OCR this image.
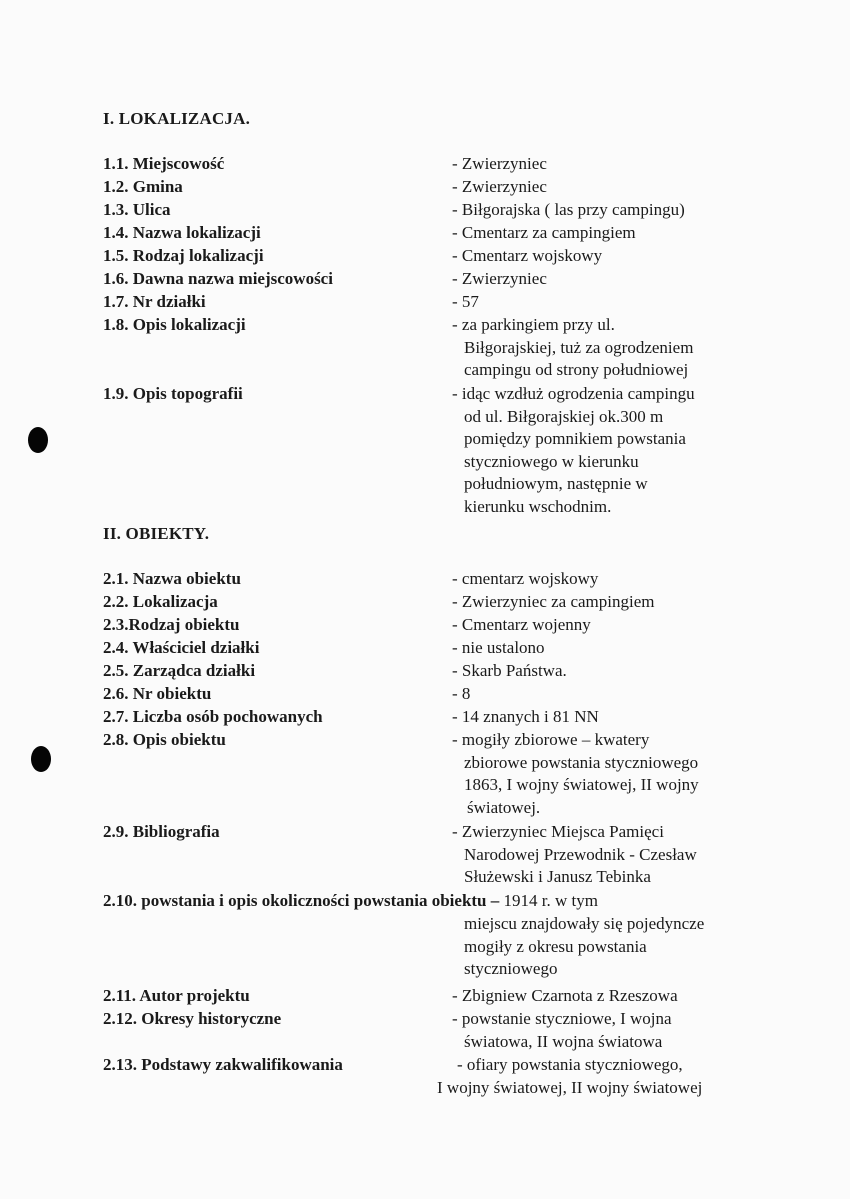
I. LOKALIZACJA.
1.1. Miejscowość	- Zwierzyniec
1.2. Gmina	- Zwierzyniec
1.3. Ulica	- Biłgorajska ( las przy campingu)
1.4. Nazwa lokalizacji	- Cmentarz za campingiem
1.5. Rodzaj lokalizacji	- Cmentarz wojskowy
1.6. Dawna nazwa miejscowości	- Zwierzyniec
1.7. Nr działki	- 57
1.8. Opis lokalizacji	- za parkingiem przy ul.
Biłgorajskiej, tuż za ogrodzeniem
campingu od strony południowej
1.9. Opis topografii	- idąc wzdłuż ogrodzenia campingu
od ul. Biłgorajskiej ok.300 m
pomiędzy pomnikiem powstania
styczniowego w kierunku
południowym, następnie w
kierunku wschodnim.
II. OBIEKTY.
2.1. Nazwa obiektu	- cmentarz wojskowy
2.2. Lokalizacja	- Zwierzyniec za campingiem
2.3.Rodzaj obiektu	- Cmentarz wojenny
2.4. Właściciel działki	- nie ustalono
2.5. Zarządca działki	- Skarb Państwa.
2.6. Nr obiektu	- 8
2.7. Liczba osób pochowanych	- 14 znanych i 81 NN
2.8. Opis obiektu	- mogiły zbiorowe – kwatery
zbiorowe powstania styczniowego
1863, I wojny światowej, II wojny
światowej.
2.9. Bibliografia	- Zwierzyniec Miejsca Pamięci
Narodowej Przewodnik - Czesław
Służewski i Janusz Tebinka
2.10. powstania i opis okoliczności powstania obiektu – 1914 r. w tym
miejscu znajdowały się pojedyncze
mogiły z okresu powstania
styczniowego
2.11. Autor projektu	- Zbigniew Czarnota z Rzeszowa
2.12. Okresy historyczne	- powstanie styczniowe, I wojna
światowa, II wojna światowa
2.13. Podstawy zakwalifikowania	- ofiary powstania styczniowego,
I wojny światowej, II wojny światowej
